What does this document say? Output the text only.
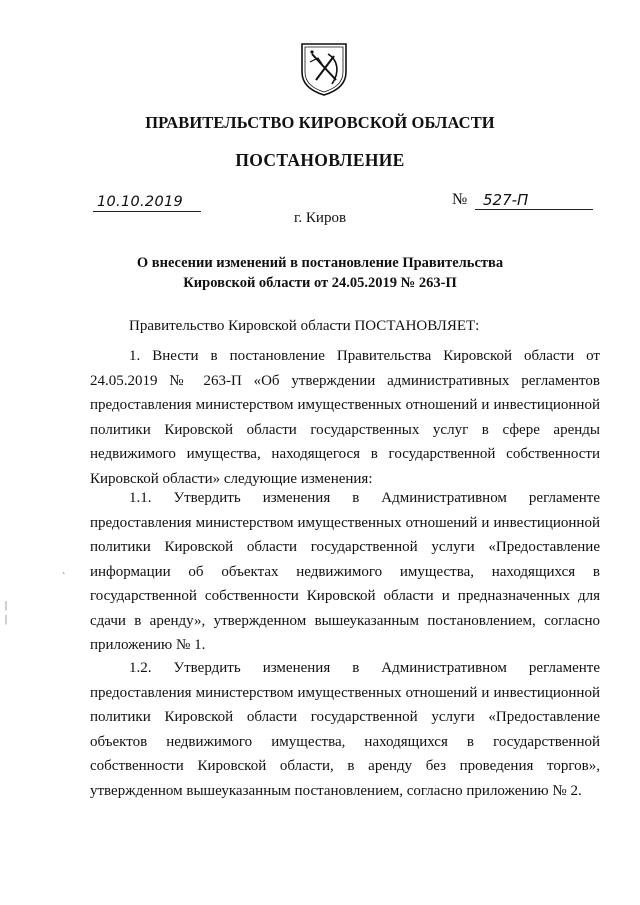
ПРАВИТЕЛЬСТВО КИРОВСКОЙ ОБЛАСТИ
ПОСТАНОВЛЕНИЕ
10.10.2019	№	527-П
г. Киров
О внесении изменений в постановление Правительства
Кировской области от 24.05.2019 № 263-П

Правительство Кировской области ПОСТАНОВЛЯЕТ:

1. Внести в постановление Правительства Кировской области от

24.05.2019 № 263-П «Об утверждении административных регламентов

предоставления министерством имущественных отношений и инвестиционной

политики Кировской области государственных услуг в сфере аренды

недвижимого имущества, находящегося в государственной собственности

Кировской области» следующие изменения:

1.1. Утвердить изменения в Административном регламенте

предоставления министерством имущественных отношений и инвестиционной

политики Кировской области государственной услуги «Предоставление

информации об объектах недвижимого имущества, находящихся в

государственной собственности Кировской области и предназначенных для

сдачи в аренду», утвержденном вышеуказанным постановлением, согласно

приложению № 1.

1.2. Утвердить изменения в Административном регламенте

предоставления министерством имущественных отношений и инвестиционной

политики Кировской области государственной услуги «Предоставление

объектов недвижимого имущества, находящихся в государственной

собственности Кировской области, в аренду без проведения торгов»,

утвержденном вышеуказанным постановлением, согласно приложению № 2.

`
|
|
